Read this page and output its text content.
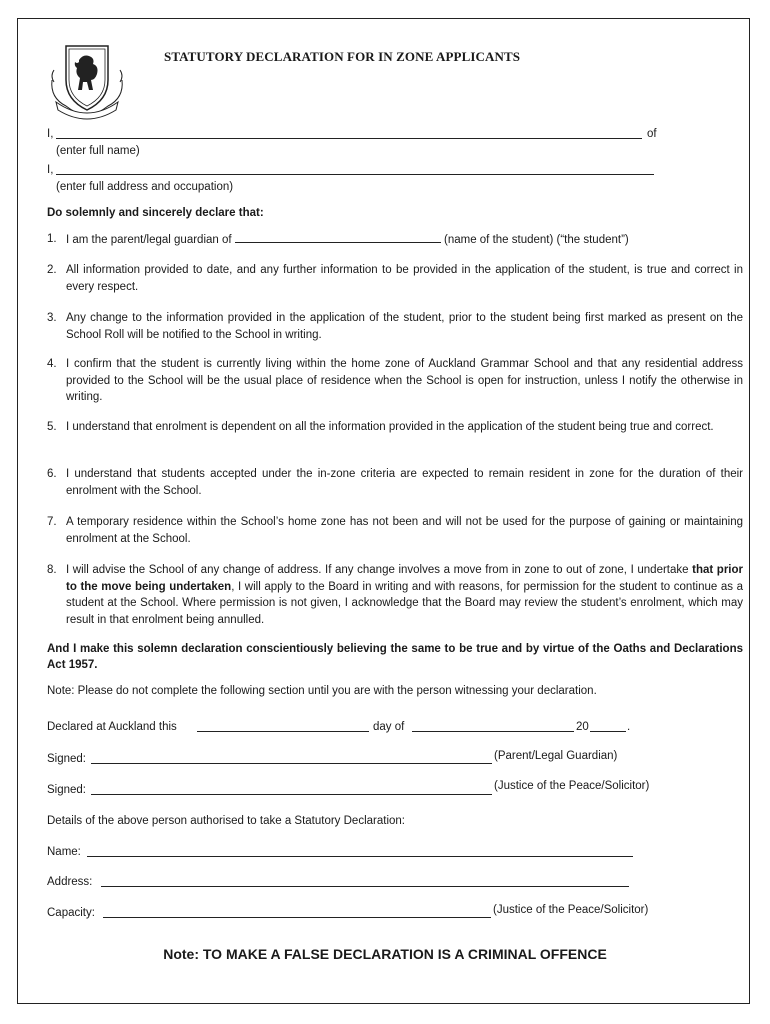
STATUTORY DECLARATION FOR IN ZONE APPLICANTS
I,	of
(enter full name)
I,
(enter full address and occupation)
Do solemnly and sincerely declare that:
1. I am the parent/legal guardian of	(name of the student) (“the student”)
2. All information provided to date, and any further information to be provided in the application of the student, is true and correct in every respect.
3. Any change to the information provided in the application of the student, prior to the student being first marked as present on the School Roll will be notified to the School in writing.
4. I confirm that the student is currently living within the home zone of Auckland Grammar School and that any residential address provided to the School will be the usual place of residence when the School is open for instruction, unless I notify the otherwise in writing.
5. I understand that enrolment is dependent on all the information provided in the application of the student being true and correct.
6. I understand that students accepted under the in-zone criteria are expected to remain resident in zone for the duration of their enrolment with the School.
7. A temporary residence within the School’s home zone has not been and will not be used for the purpose of gaining or maintaining enrolment at the School.
8. I will advise the School of any change of address. If any change involves a move from in zone to out of zone, I undertake that prior to the move being undertaken, I will apply to the Board in writing and with reasons, for permission for the student to continue as a student at the School. Where permission is not given, I acknowledge that the Board may review the student’s enrolment, which may result in that enrolment being annulled.
And I make this solemn declaration conscientiously believing the same to be true and by virtue of the Oaths and Declarations Act 1957.
Note: Please do not complete the following section until you are with the person witnessing your declaration.
Declared at Auckland this	day of	20	.
Signed:	(Parent/Legal Guardian)
Signed:	(Justice of the Peace/Solicitor)
Details of the above person authorised to take a Statutory Declaration:
Name:
Address:
Capacity:	(Justice of the Peace/Solicitor)
Note: TO MAKE A FALSE DECLARATION IS A CRIMINAL OFFENCE
